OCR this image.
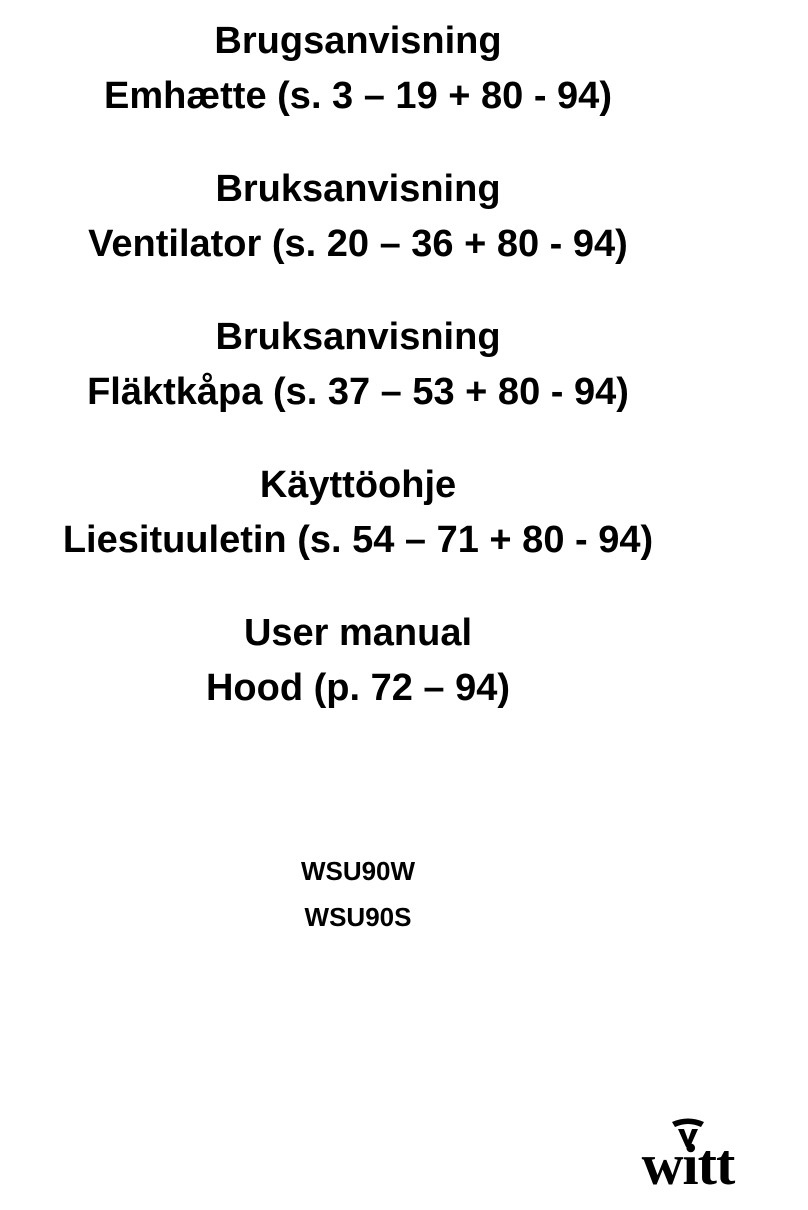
Brugsanvisning
Emhætte (s. 3 – 19 + 80 - 94)
Bruksanvisning
Ventilator (s. 20 – 36 + 80 - 94)
Bruksanvisning
Fläktkåpa (s. 37 – 53 + 80 - 94)
Käyttöohje
Liesituuletin (s. 54 – 71 + 80 - 94)
User manual
Hood (p. 72 – 94)
WSU90W
WSU90S
witt
